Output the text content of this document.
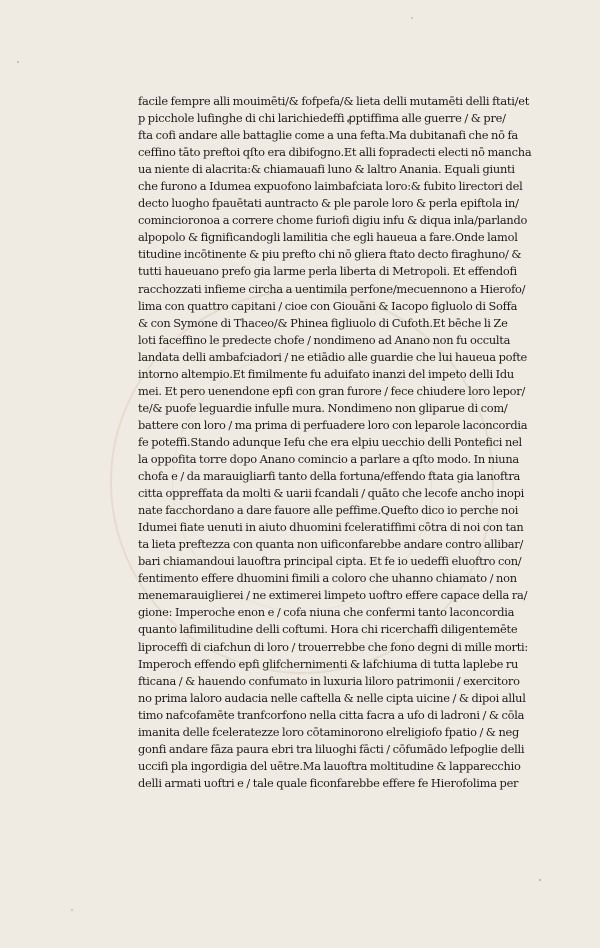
facile fempre alli mouimēti/& fofpefa/& lieta delli mutamēti delli ftati/et
p picchole lufinghe di chi larichiedeffi ꝓptiffima alle guerre / & pre/
fta cofi andare alle battaglie come a una fefta.Ma dubitanafi che nō fa
ceffino tāto preftoi qſto era dibifogno.Et alli fopradecti electi nō mancha
ua niente di alacrita:& chiamauafi luno & laltro Anania. Equali giunti
che furono a Idumea expuofono laimbafciata loro:& fubito lirectori del
decto luogho fpauētati auntracto & ple parole loro & perla epiftola in/
comincioronoa a correre chome furiofi digiu infu & diqua inla/parlando
alpopolo & fignificandogli lamilitia che egli haueua a fare.Onde lamol
titudine incōtinente & piu prefto chi nō gliera ftato decto firaghuno/ &
tutti haueuano prefo gia larme perla liberta di Metropoli. Et effendofi
racchozzati infieme circha a uentimila perfone/mecuennono a Hierofo/
lima con quattro capitani / cioe con Giouāni & Iacopo figluolo di Soffa
& con Symone di Thaceo/& Phinea figliuolo di Cufoth.Et bēche li Ze
loti faceffino le predecte chofe / nondimeno ad Anano non fu occulta
landata delli ambafciadori / ne etiādio alle guardie che lui haueua pofte
intorno altempio.Et fimilmente fu aduifato inanzi del impeto delli Idu
mei. Et pero uenendone epfi con gran furore / fece chiudere loro lepor/
te/& puofe leguardie infulle mura. Nondimeno non gliparue di com/
battere con loro / ma prima di perfuadere loro con leparole laconcordia
fe poteffi.Stando adunque Iefu che era elpiu uecchio delli Pontefici nel
la oppofita torre dopo Anano comincio a parlare a qſto modo. In niuna
chofa e / da marauigliarfi tanto della fortuna/effendo ftata gia lanoftra
citta oppreffata da molti & uarii fcandali / quāto che lecofe ancho inopi
nate facchordano a dare fauore alle peffime.Quefto dico io perche noi
Idumei fiate uenuti in aiuto dhuomini fceleratiffimi cōtra di noi con tan
ta lieta preftezza con quanta non uificonfarebbe andare contro allibar/
bari chiamandoui lauoftra principal cipta. Et fe io uedeffi eluoftro con/
fentimento effere dhuomini fimili a coloro che uhanno chiamato / non
menemarauiglierei / ne extimerei limpeto uoftro effere capace della ra/
gione: Imperoche enon e / cofa niuna che confermi tanto laconcordia
quanto lafimilitudine delli coftumi. Hora chi ricerchaffi diligentemēte
liproceffi di ciafchun di loro / trouerrebbe che fono degni di mille morti:
Imperoch effendo epfi glifchernimenti & lafchiuma di tutta laplebe ru
fticana / & hauendo confumato in luxuria liloro patrimonii / exercitoro
no prima laloro audacia nelle caftella & nelle cipta uicine / & dipoi allul
timo nafcofamēte tranfcorfono nella citta facra a ufo di ladroni / & cōla
imanita delle fceleratezze loro cōtaminorono elreligiofo fpatio / & neg
gonfi andare fāza paura ebri tra liluoghi fācti / cōfumādo lefpoglie delli
uccifi pla ingordigia del uētre.Ma lauoftra moltitudine & lapparecchio
delli armati uoftri e / tale quale ficonfarebbe effere fe Hierofolima per
